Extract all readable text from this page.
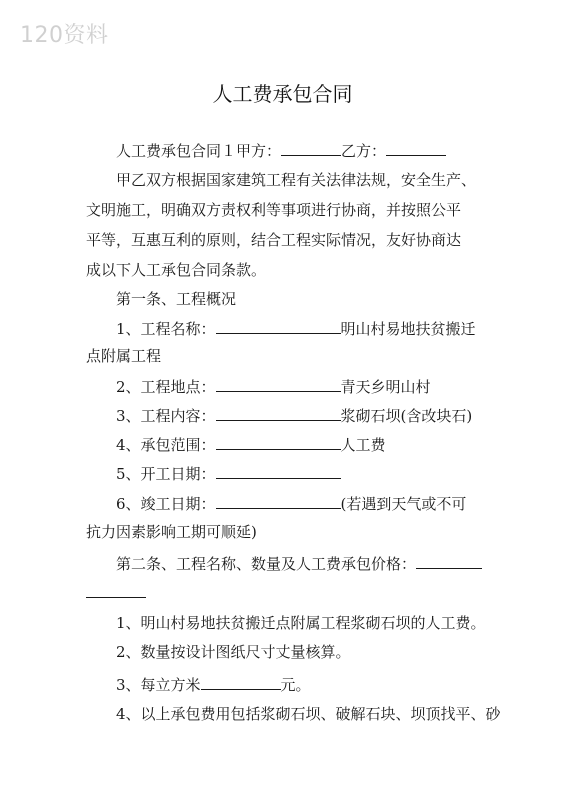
120资料
人工费承包合同
人工费承包合同１甲方：	乙方：
甲乙双方根据国家建筑工程有关法律法规，安全生产、
文明施工，明确双方责权利等事项进行协商，并按照公平
平等，互惠互利的原则，结合工程实际情况，友好协商达
成以下人工承包合同条款。
第一条、工程概况
1、工程名称：	明山村易地扶贫搬迁
点附属工程
2、工程地点：	青天乡明山村
3、工程内容：	浆砌石坝(含改块石)
4、承包范围：	人工费
5、开工日期：
6、竣工日期：	(若遇到天气或不可
抗力因素影响工期可顺延)
第二条、工程名称、数量及人工费承包价格：
1、明山村易地扶贫搬迁点附属工程浆砌石坝的人工费。
2、数量按设计图纸尺寸丈量核算。
3、每立方米	元。
4、以上承包费用包括浆砌石坝、破解石块、坝顶找平、砂
